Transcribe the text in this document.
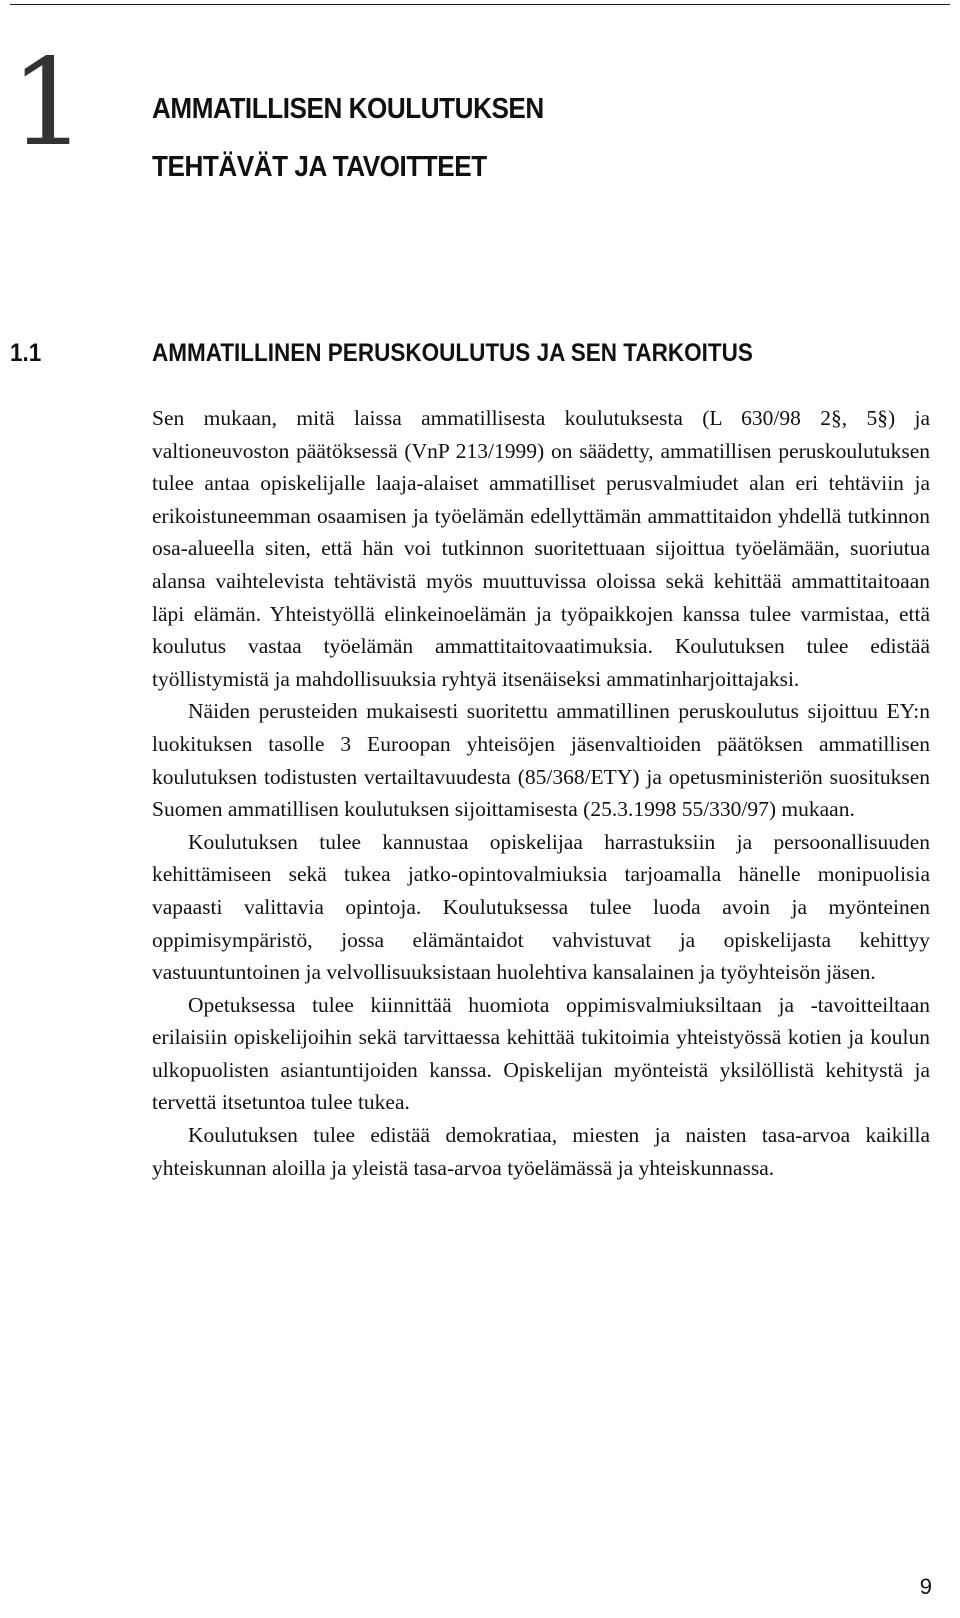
1 AMMATILLISEN KOULUTUKSEN
TEHTÄVÄT JA TAVOITTEET
1.1	AMMATILLINEN PERUSKOULUTUS JA SEN TARKOITUS

Sen mukaan, mitä laissa ammatillisesta koulutuksesta (L 630/98 2§, 5§) ja valtioneuvoston päätöksessä (VnP 213/1999) on säädetty, ammatillisen peruskoulutuksen tulee antaa opiskelijalle laaja-alaiset ammatilliset perusvalmiudet alan eri tehtäviin ja erikoistuneemman osaamisen ja työelämän edellyttämän ammattitaidon yhdellä tutkinnon osa-alueella siten, että hän voi tutkinnon suoritettuaan sijoittua työelämään, suoriutua alansa vaihtelevista tehtävistä myös muuttuvissa oloissa sekä kehittää ammattitaitoaan läpi elämän. Yhteistyöllä elinkeinoelämän ja työpaikkojen kanssa tulee varmistaa, että koulutus vastaa työelämän ammattitaitovaatimuksia. Koulutuksen tulee edistää työllistymistä ja mahdollisuuksia ryhtyä itsenäiseksi ammatinharjoittajaksi.

Näiden perusteiden mukaisesti suoritettu ammatillinen peruskoulutus sijoittuu EY:n luokituksen tasolle 3 Euroopan yhteisöjen jäsenvaltioiden päätöksen ammatillisen koulutuksen todistusten vertailtavuudesta (85/368/ETY) ja opetusministeriön suosituksen Suomen ammatillisen koulutuksen sijoittamisesta (25.3.1998 55/330/97) mukaan.

Koulutuksen tulee kannustaa opiskelijaa harrastuksiin ja persoonallisuuden kehittämiseen sekä tukea jatko-opintovalmiuksia tarjoamalla hänelle monipuolisia vapaasti valittavia opintoja. Koulutuksessa tulee luoda avoin ja myönteinen oppimisympäristö, jossa elämäntaidot vahvistuvat ja opiskelijasta kehittyy vastuuntuntoinen ja velvollisuuksistaan huolehtiva kansalainen ja työyhteisön jäsen.

Opetuksessa tulee kiinnittää huomiota oppimisvalmiuksiltaan ja -tavoitteiltaan erilaisiin opiskelijoihin sekä tarvittaessa kehittää tukitoimia yhteistyössä kotien ja koulun ulkopuolisten asiantuntijoiden kanssa. Opiskelijan myönteistä yksilöllistä kehitystä ja tervettä itsetuntoa tulee tukea.

Koulutuksen tulee edistää demokratiaa, miesten ja naisten tasa-arvoa kaikilla yhteiskunnan aloilla ja yleistä tasa-arvoa työelämässä ja yhteiskunnassa.

9
